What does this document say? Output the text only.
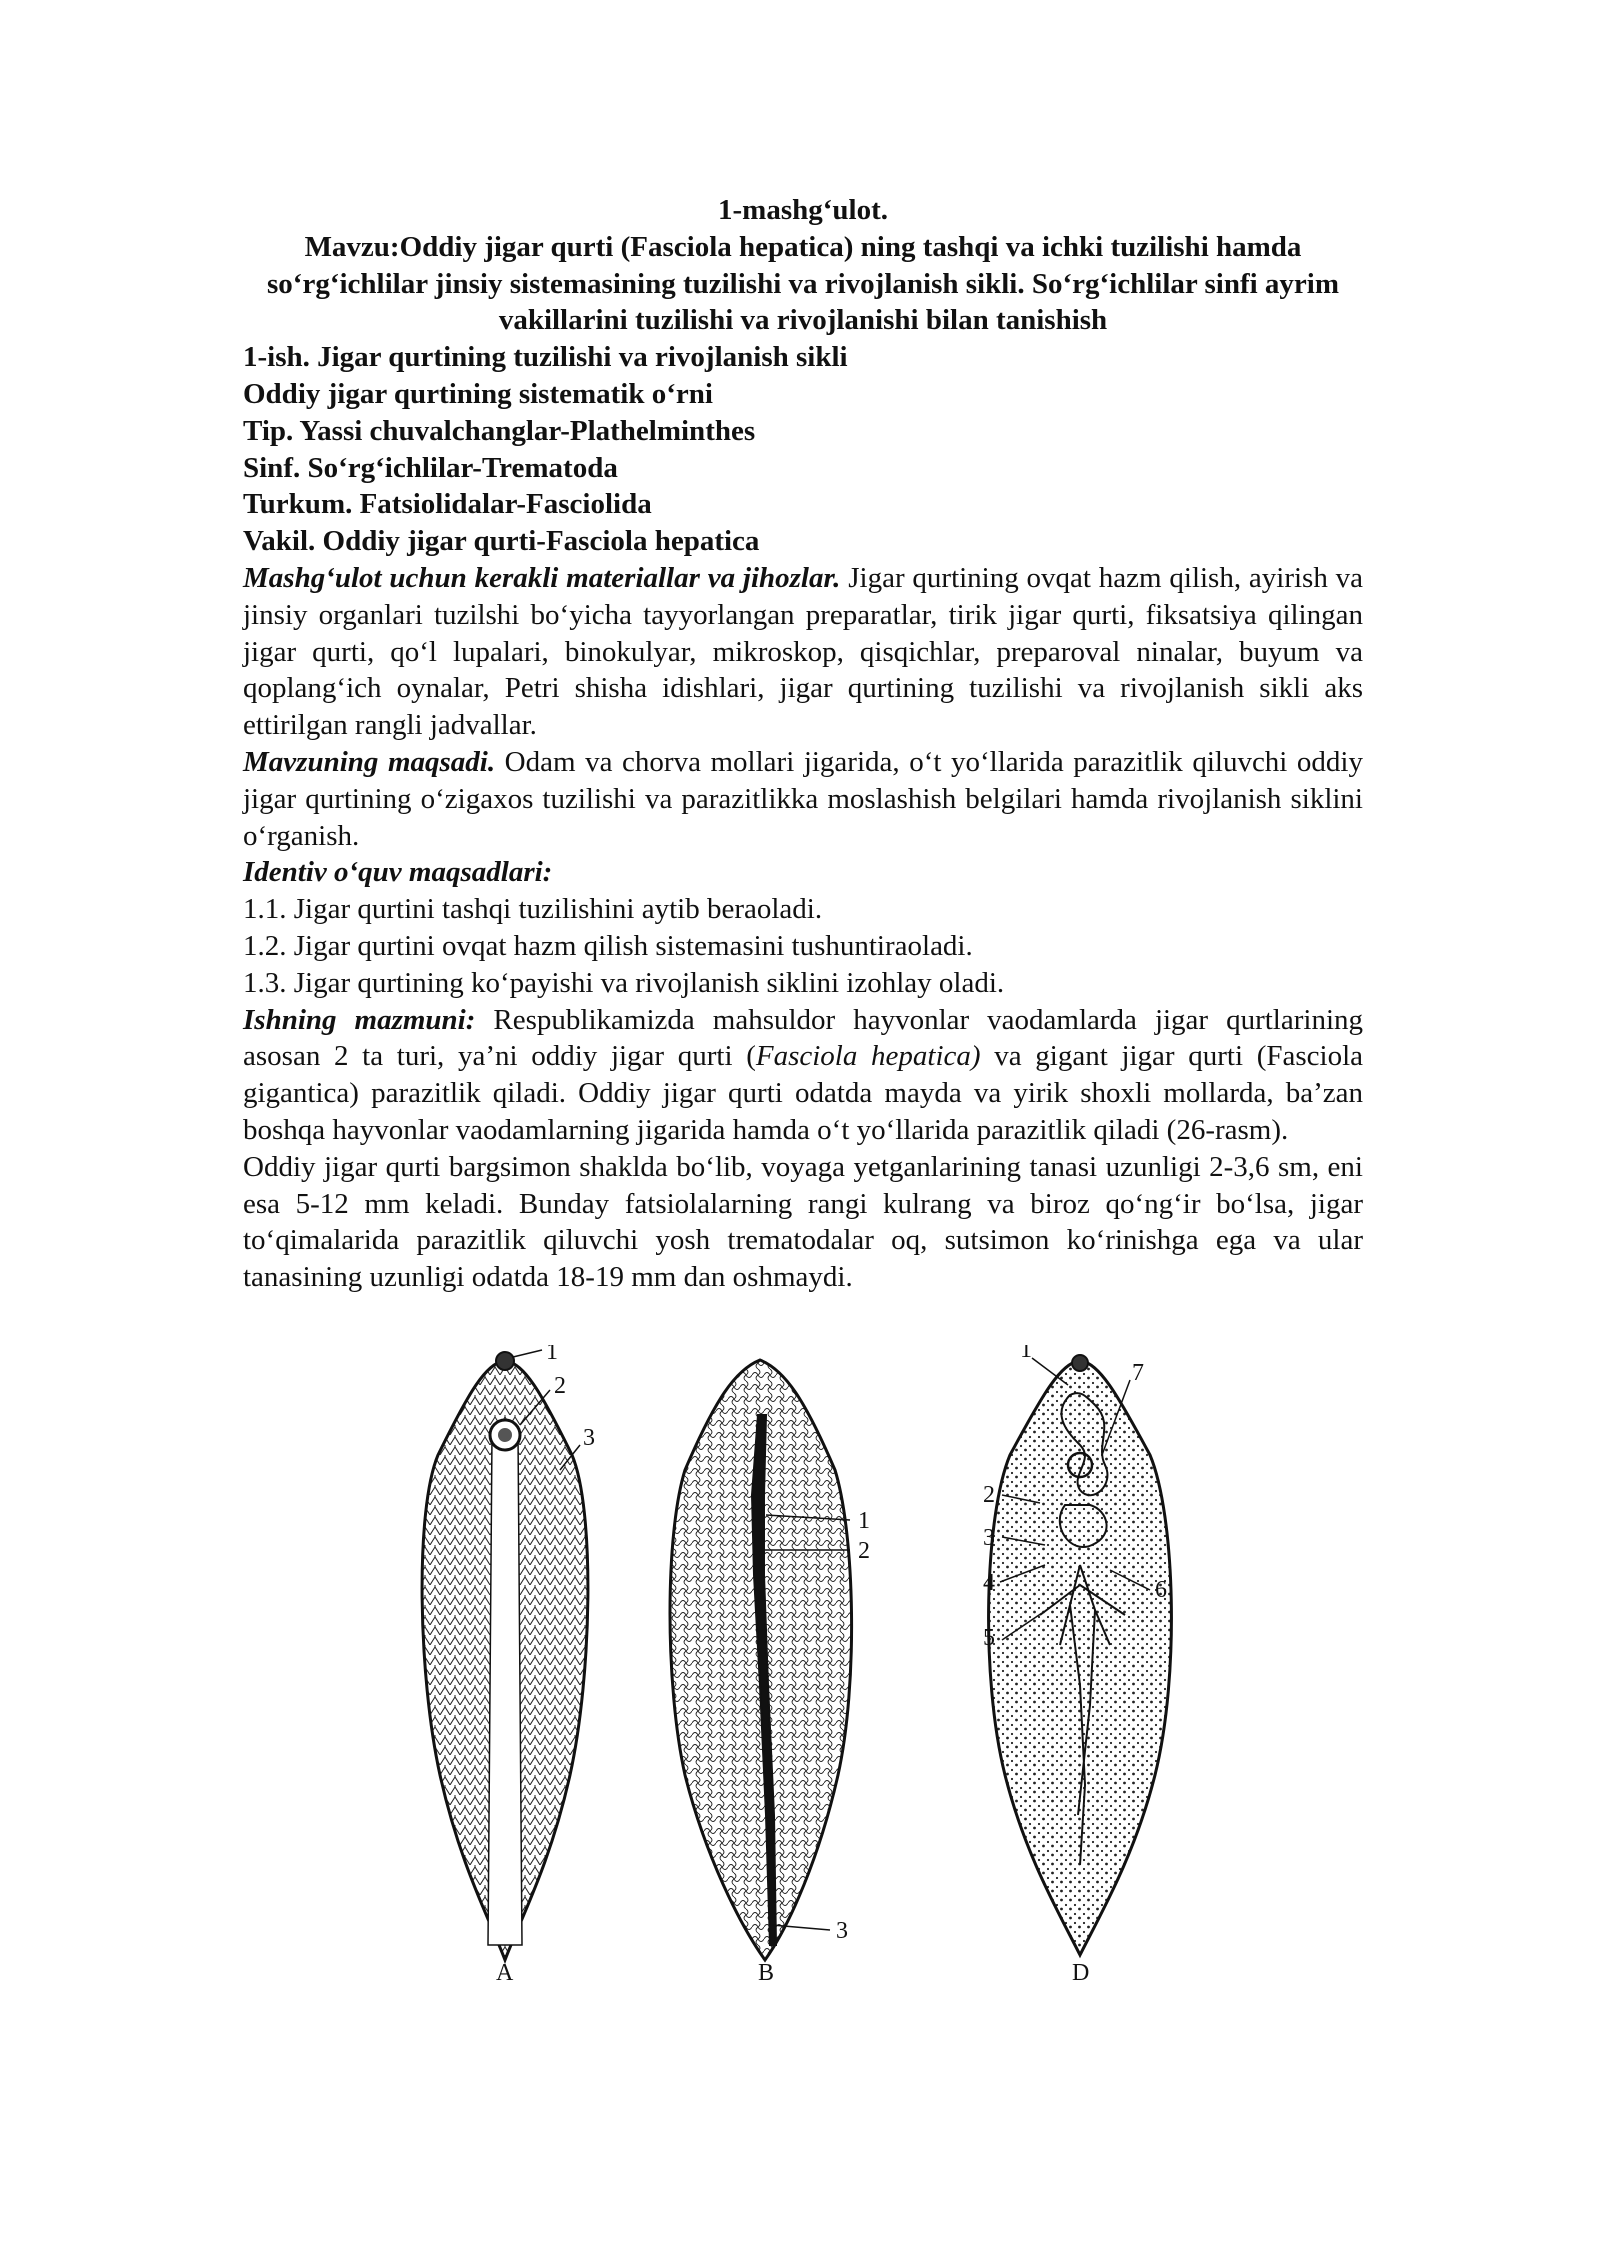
1-mashg‘ulot.

Mavzu:Oddiy jigar qurti (Fasciola hepatica) ning tashqi va ichki tuzilishi hamda so‘rg‘ichlilar jinsiy sistemasining tuzilishi va rivojlanish sikli. So‘rg‘ichlilar sinfi ayrim vakillarini tuzilishi va rivojlanishi bilan tanishish

1-ish. Jigar qurtining tuzilishi va rivojlanish sikli

Oddiy jigar qurtining sistematik o‘rni

Tip. Yassi chuvalchanglar-Plathelminthes

Sinf. So‘rg‘ichlilar-Trematoda

Turkum. Fatsiolidalar-Fasciolida

Vakil. Oddiy jigar qurti-Fasciola hepatica

Mashg‘ulot uchun kerakli materiallar va jihozlar. Jigar qurtining ovqat hazm qilish, ayirish va jinsiy organlari tuzilshi bo‘yicha tayyorlangan preparatlar, tirik jigar qurti, fiksatsiya qilingan jigar qurti, qo‘l lupalari, binokulyar, mikroskop, qisqichlar, preparoval ninalar, buyum va qoplang‘ich oynalar, Petri shisha idishlari, jigar qurtining tuzilishi va rivojlanish sikli aks ettirilgan rangli jadvallar.

Mavzuning maqsadi. Odam va chorva mollari jigarida, o‘t yo‘llarida parazitlik qiluvchi oddiy jigar qurtining o‘zigaxos tuzilishi va parazitlikka moslashish belgilari hamda rivojlanish siklini o‘rganish.

Identiv o‘quv maqsadlari:

1.1. Jigar qurtini tashqi tuzilishini aytib beraoladi.

1.2. Jigar qurtini ovqat hazm qilish sistemasini tushuntiraoladi.

1.3. Jigar qurtining ko‘payishi va rivojlanish siklini izohlay oladi.

Ishning mazmuni: Respublikamizda mahsuldor hayvonlar vaodamlarda jigar qurtlarining asosan 2 ta turi, ya’ni oddiy jigar qurti (Fasciola hepatica) va gigant jigar qurti (Fasciola gigantica) parazitlik qiladi. Oddiy jigar qurti odatda mayda va yirik shoxli mollarda, ba’zan boshqa hayvonlar vaodamlarning jigarida hamda o‘t yo‘llarida parazitlik qiladi (26-rasm).

Oddiy jigar qurti bargsimon shaklda bo‘lib, voyaga yetganlarining tanasi uzunligi 2-3,6 sm, eni esa 5-12 mm keladi. Bunday fatsiolalarning rangi kulrang va biroz qo‘ng‘ir bo‘lsa, jigar to‘qimalarida parazitlik qiluvchi yosh trematodalar oq, sutsimon ko‘rinishga ega va ular tanasining uzunligi odatda 18-19 mm dan oshmaydi.

1
2
3
A
1
2
3
B
1
7
2
3
4	6
5
D
